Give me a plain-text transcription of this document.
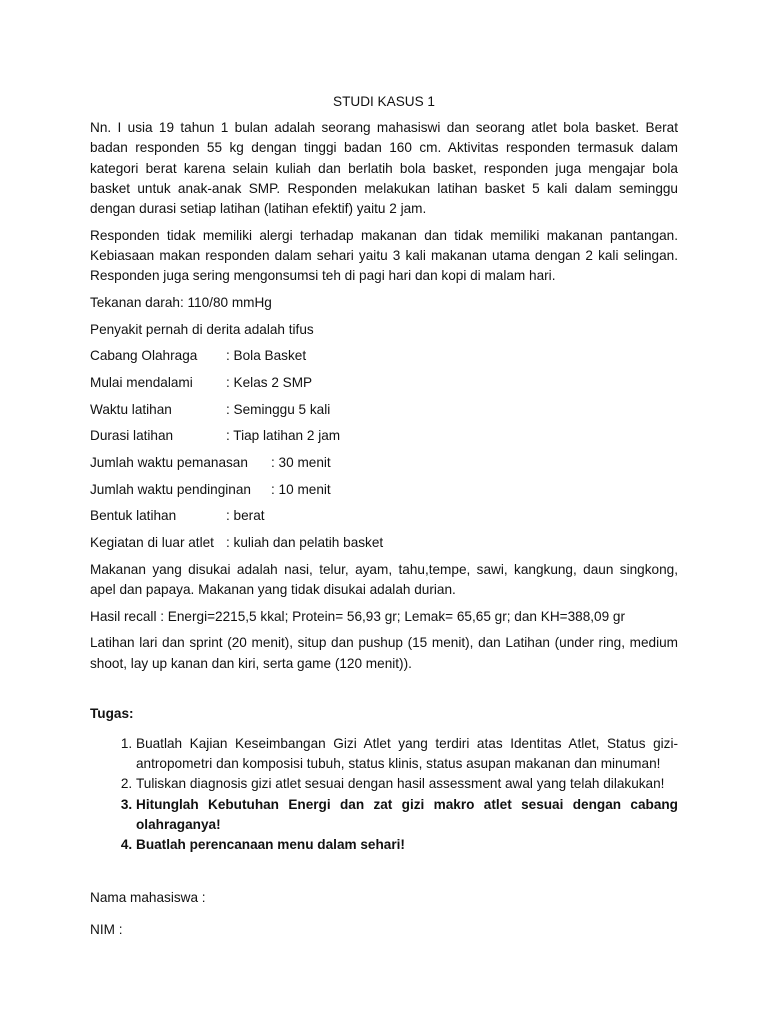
STUDI KASUS 1

Nn. I usia 19 tahun 1 bulan adalah seorang mahasiswi dan seorang atlet bola basket. Berat badan responden 55 kg dengan tinggi badan 160 cm. Aktivitas responden termasuk dalam kategori berat karena selain kuliah dan berlatih bola basket, responden juga mengajar bola basket untuk anak-anak SMP. Responden melakukan latihan basket 5 kali dalam seminggu dengan durasi setiap latihan (latihan efektif) yaitu 2 jam.

Responden tidak memiliki alergi terhadap makanan dan tidak memiliki makanan pantangan. Kebiasaan makan responden dalam sehari yaitu 3 kali makanan utama dengan 2 kali selingan. Responden juga sering mengonsumsi teh di pagi hari dan kopi di malam hari.

Tekanan darah: 110/80 mmHg

Penyakit pernah di derita adalah tifus

Cabang Olahraga	: Bola Basket
Mulai mendalami	: Kelas 2 SMP
Waktu latihan	: Seminggu 5 kali
Durasi latihan	: Tiap latihan 2 jam
Jumlah waktu pemanasan	: 30 menit
Jumlah waktu pendinginan	: 10 menit
Bentuk latihan	: berat
Kegiatan di luar atlet : kuliah dan pelatih basket

Makanan yang disukai adalah nasi, telur, ayam, tahu,tempe, sawi, kangkung, daun singkong, apel dan papaya. Makanan yang tidak disukai adalah durian.

Hasil recall : Energi=2215,5 kkal; Protein= 56,93 gr; Lemak= 65,65 gr; dan KH=388,09 gr

Latihan lari dan sprint (20 menit), situp dan pushup (15 menit), dan Latihan (under ring, medium shoot, lay up kanan dan kiri, serta game (120 menit)).

Tugas:
1. Buatlah Kajian Keseimbangan Gizi Atlet yang terdiri atas Identitas Atlet, Status gizi-antropometri dan komposisi tubuh, status klinis, status asupan makanan dan minuman!
2. Tuliskan diagnosis gizi atlet sesuai dengan hasil assessment awal yang telah dilakukan!
3. Hitunglah Kebutuhan Energi dan zat gizi makro atlet sesuai dengan cabang olahraganya!
4. Buatlah perencanaan menu dalam sehari!
Nama mahasiswa :
NIM :
